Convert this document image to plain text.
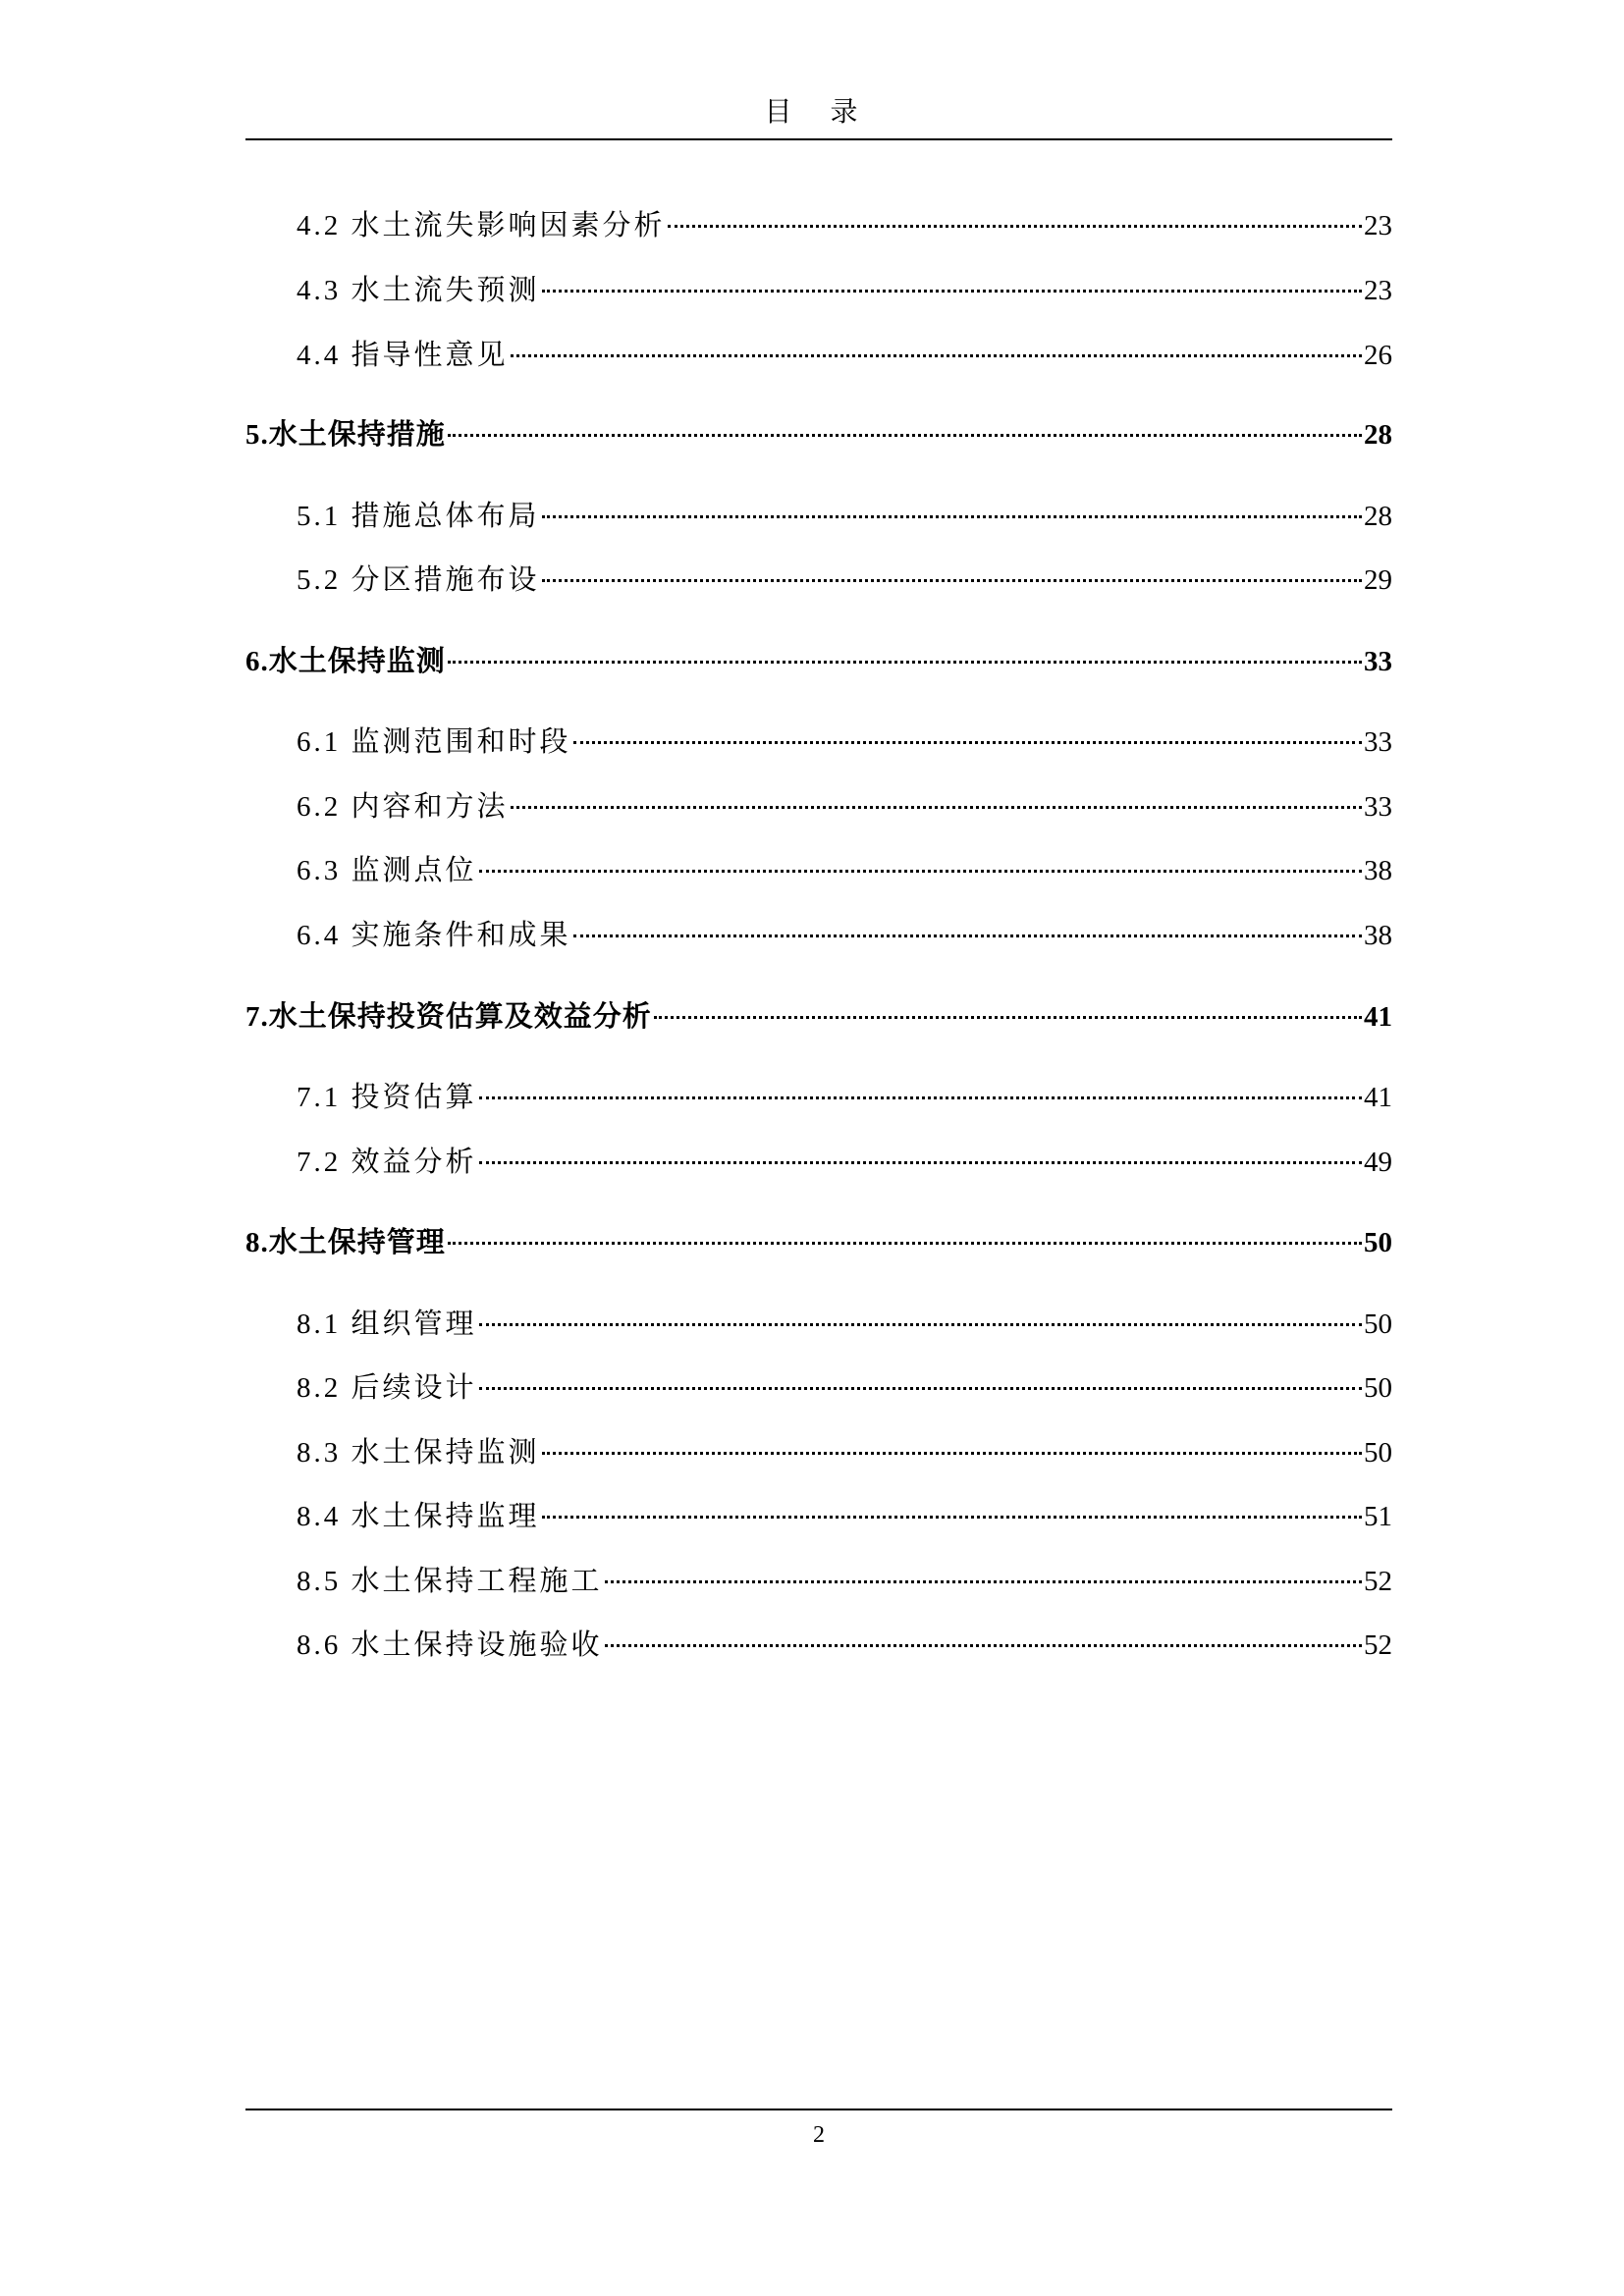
目 录
4.2 水土流失影响因素分析	23
4.3 水土流失预测	23
4.4 指导性意见	26
5.水土保持措施	28
5.1 措施总体布局	28
5.2 分区措施布设	29
6.水土保持监测	33
6.1 监测范围和时段	33
6.2 内容和方法	33
6.3 监测点位	38
6.4 实施条件和成果	38
7.水土保持投资估算及效益分析	41
7.1 投资估算	41
7.2 效益分析	49
8.水土保持管理	50
8.1 组织管理	50
8.2 后续设计	50
8.3 水土保持监测	50
8.4 水土保持监理	51
8.5 水土保持工程施工	52
8.6 水土保持设施验收	52
2
